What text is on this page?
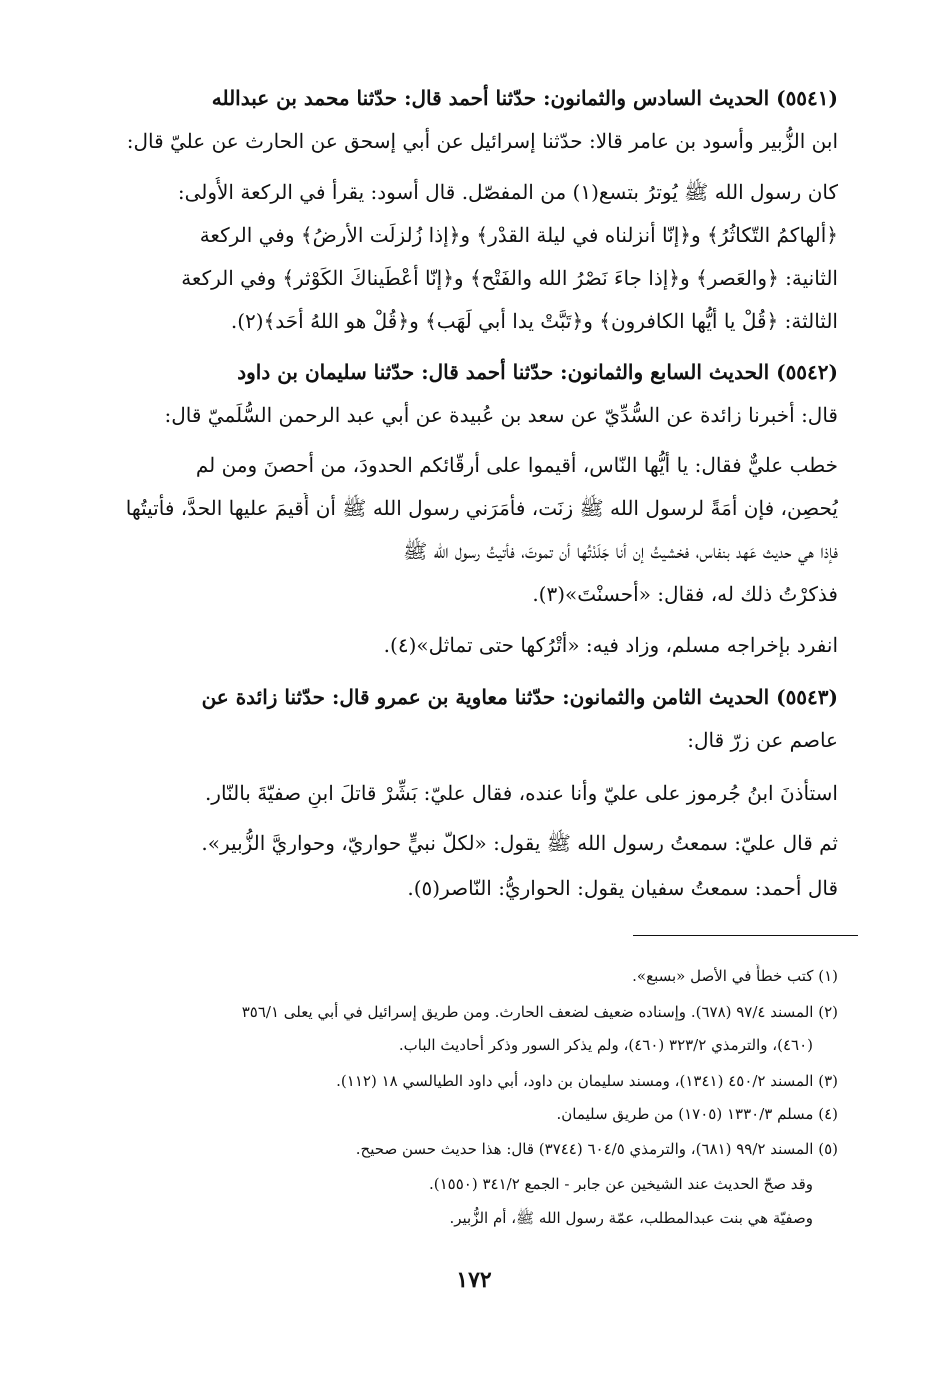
(٥٥٤١) الحديث السادس والثمانون: حدّثنا أحمد قال: حدّثنا محمد بن عبدالله
ابن الزُّبير وأسود بن عامر قالا: حدّثنا إسرائيل عن أبي إسحق عن الحارث عن عليّ قال:
كان رسول الله ﷺ يُوترُ بتسع(١) من المفصّل. قال أسود: يقرأ في الركعة الأُولى:
﴿ألهاكمُ التّكاثُرُ﴾ و﴿إنّا أنزلناه في ليلة القدْر﴾ و﴿إذا زُلزلَت الأرضُ﴾ وفي الركعة
الثانية: ﴿والعَصر﴾ و﴿إذا جاءَ نَصْرُ الله والفَتْح﴾ و﴿إنّا أعْطَيناكَ الكَوْثر﴾ وفي الركعة
الثالثة: ﴿قُلْ يا أيُّها الكافرون﴾ و﴿تَبَّتْ يدا أبي لَهَب﴾ و﴿قُلْ هو اللهُ أحَد﴾(٢).
(٥٥٤٢) الحديث السابع والثمانون: حدّثنا أحمد قال: حدّثنا سليمان بن داود
قال: أخبرنا زائدة عن السُّدِّيّ عن سعد بن عُبيدة عن أبي عبد الرحمن السُّلَميّ قال:
خطب عليٌّ فقال: يا أيُّها النّاس، أقيموا على أرقّائكم الحدودَ، من أحصنَ ومن لم
يُحصِن، فإن أمَةً لرسول الله ﷺ زنَت، فأمَرَني رسول الله ﷺ أن أُقيمَ عليها الحدَّ، فأتيتُها
فإذا هي حديث عَهد بنفاس، فخشيتُ إن أنا جَلَدْتُها أن تموتَ، فأتيتُ رسول الله ﷺ
فذكرْتُ ذلك له، فقال: «أحسنْتَ»(٣).
انفرد بإخراجه مسلم، وزاد فيه: «أتْرُكها حتى تماثل»(٤).
(٥٥٤٣) الحديث الثامن والثمانون: حدّثنا معاوية بن عمرو قال: حدّثنا زائدة عن
عاصم عن زرّ قال:
استأذنَ ابنُ جُرموز على عليّ وأنا عنده، فقال عليّ: بَشِّرْ قاتلَ ابنِ صفيّةَ بالنّار.
ثم قال عليّ: سمعتُ رسول الله ﷺ يقول: «لكلّ نبيٍّ حواريّ، وحواريَّ الزُّبير».
قال أحمد: سمعتُ سفيان يقول: الحواريُّ: النّاصر(٥).
(١) كتب خطأً في الأصل «بسبع».
(٢) المسند ٩٧/٤ (٦٧٨). وإسناده ضعيف لضعف الحارث. ومن طريق إسرائيل في أبي يعلى ٣٥٦/١
(٤٦٠)، والترمذي ٣٢٣/٢ (٤٦٠)، ولم يذكر السور وذكر أحاديث الباب.
(٣) المسند ٤٥٠/٢ (١٣٤١)، ومسند سليمان بن داود، أبي داود الطيالسي ١٨ (١١٢).
(٤) مسلم ١٣٣٠/٣ (١٧٠٥) من طريق سليمان.
(٥) المسند ٩٩/٢ (٦٨١)، والترمذي ٦٠٤/٥ (٣٧٤٤) قال: هذا حديث حسن صحيح.
وقد صحّ الحديث عند الشيخين عن جابر - الجمع ٣٤١/٢ (١٥٥٠).
وصفيّة هي بنت عبدالمطلب، عمّة رسول الله ﷺ، أم الزُّبير.
١٧٢
